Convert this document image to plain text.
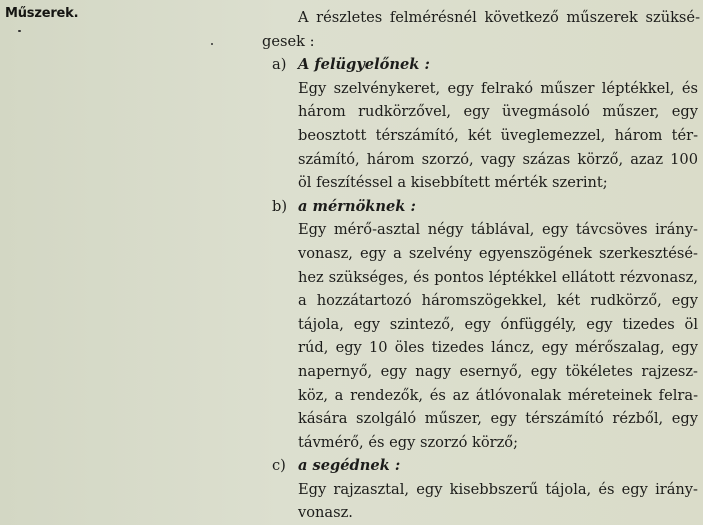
Műszerek.	A részletes felmérésnél következő műszerek szüksé-
gesek :
a) A felügyelőnek :
Egy szelvénykeret, egy felrakó műszer léptékkel, és
három rudkörzővel, egy üvegmásoló műszer, egy
beosztott térszámító, két üveglemezzel, három tér-
számító, három szorzó, vagy százas körző, azaz 100
öl feszítéssel a kisebbített mérték szerint;
b) a mérnöknek :
Egy mérő-asztal négy táblával, egy távcsöves irány-
vonasz, egy a szelvény egyenszögének szerkesztésé-
hez szükséges, és pontos léptékkel ellátott rézvonasz,
a hozzátartozó háromszögekkel, két rudkörző, egy
tájola, egy szintező, egy ónfüggély, egy tizedes öl
rúd, egy 10 öles tizedes láncz, egy mérőszalag, egy
napernyő, egy nagy esernyő, egy tökéletes rajzesz-
köz, a rendezők, és az átlóvonalak méreteinek felra-
kására szolgáló műszer, egy térszámító rézből, egy
távmérő, és egy szorzó körző;
c) a segédnek :
Egy rajzasztal, egy kisebbszerű tájola, és egy irány-
vonasz.
